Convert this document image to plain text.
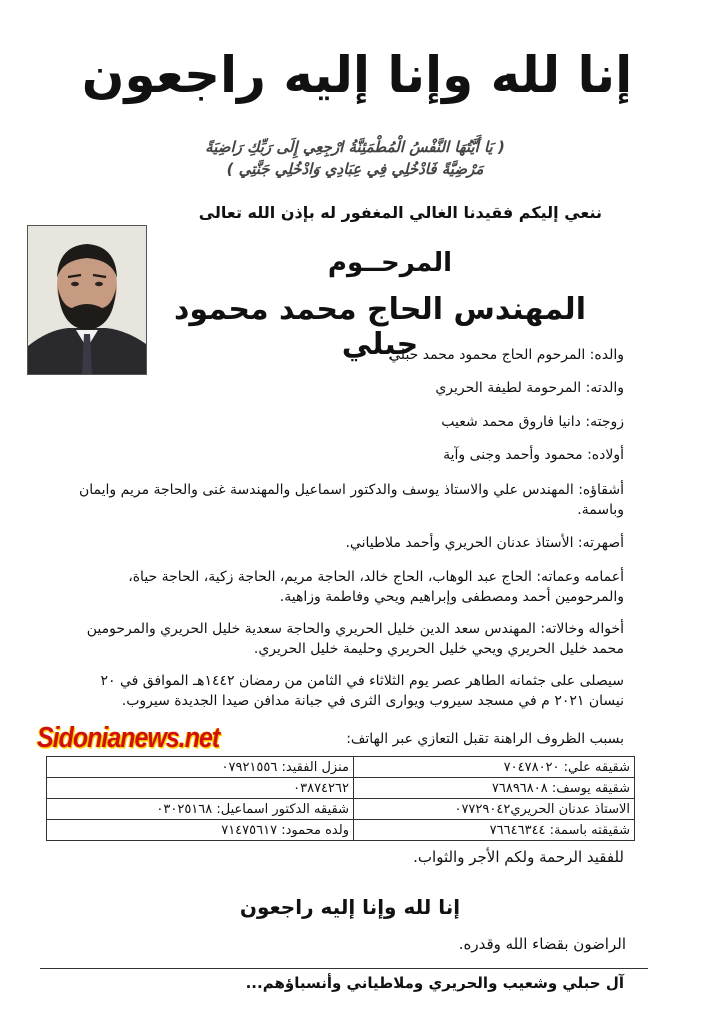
إنا لله وإنا إليه راجعون
( يَا أَيَّتُهَا النَّفْسُ الْمُطْمَئِنَّةُ ارْجِعِي إِلَى رَبِّكِ رَاضِيَةً
مَرْضِيَّةً فَادْخُلِي فِي عِبَادِي وَادْخُلِي جَنَّتِي )
ننعي إليكم فقيدنا الغالي المغفور له بإذن الله تعالى
المرحــوم
المهندس الحاج محمد محمود حبلي
والده: المرحوم الحاج محمود محمد حبلي
والدته: المرحومة لطيفة الحريري
زوجته: دانيا فاروق محمد شعيب
أولاده: محمود وأحمد وجنى وآية
أشقاؤه: المهندس علي والاستاذ يوسف والدكتور اسماعيل والمهندسة غنى والحاجة مريم وايمان وباسمة.
أصهرته: الأستاذ عدنان الحريري وأحمد ملاطياني.
أعمامه وعماته: الحاج عبد الوهاب، الحاج خالد، الحاجة مريم، الحاجة زكية، الحاجة حياة، والمرحومين أحمد ومصطفى وإبراهيم ويحي وفاطمة وزاهية.
أخواله وخالاته: المهندس سعد الدين خليل الحريري والحاجة سعدية خليل الحريري والمرحومين محمد خليل الحريري ويحي خليل الحريري وحليمة خليل الحريري.
سيصلى على جثمانه الطاهر عصر يوم الثلاثاء في الثامن من رمضان ١٤٤٢هـ الموافق في ٢٠ نيسان ٢٠٢١ م في مسجد سيروب ويوارى الثرى في جبانة مدافن صيدا الجديدة سيروب.
بسبب الظروف الراهنة تقبل التعازي عبر الهاتف:
Sidonianews.net
منزل الفقيد: ٠٧٩٢١٥٥٦	شقيقه علي: ٧٠٤٧٨٠٢٠
٠٣٨٧٤٢٦٢	شقيقه يوسف: ٧٦٨٩٦٨٠٨
شقيقه الدكتور اسماعيل: ٠٣٠٢٥١٦٨	الاستاذ عدنان الحريري٠٧٧٢٩٠٤٢
ولده محمود: ٧١٤٧٥٦١٧	شقيقته باسمة: ٧٦٦٤٦٣٤٤
للفقيد الرحمة ولكم الأجر والثواب.
إنا لله وإنا إليه راجعون
الراضون بقضاء الله وقدره.
آل حبلي وشعيب والحريري وملاطياني وأنسباؤهم...
